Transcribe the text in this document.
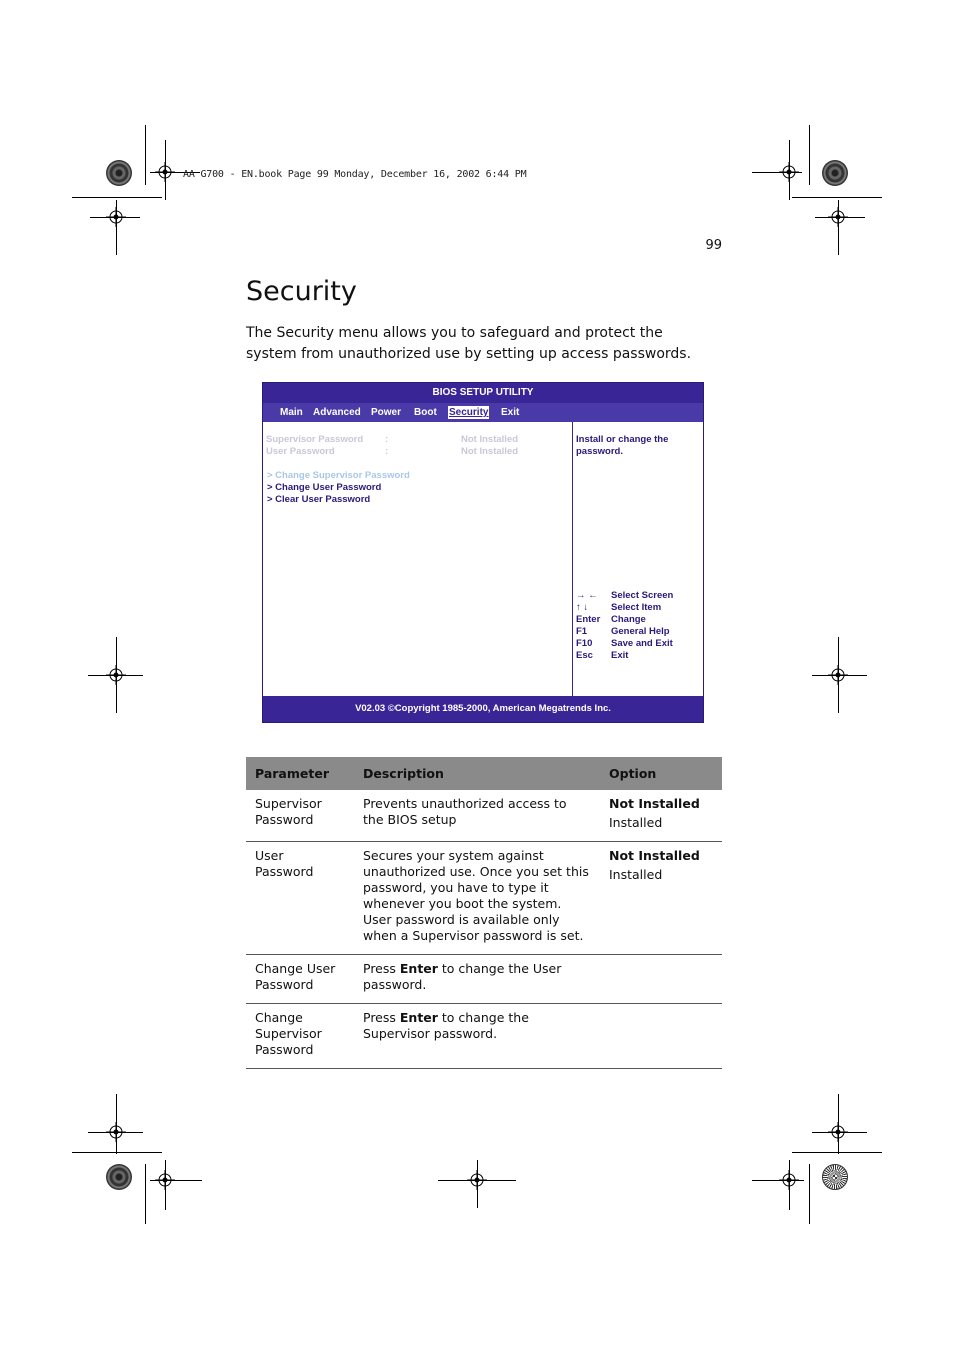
AA G700 - EN.book Page 99 Monday, December 16, 2002 6:44 PM
99
Security
The Security menu allows you to safeguard and protect the system from unauthorized use by setting up access passwords.
BIOS SETUP UTILITY
Main Advanced Power Boot Security Exit
Supervisor Password :	Not Installed
User Password	:	Not Installed
> Change Supervisor Password
> Change User Password
> Clear User Password
Install or change the password.
→ ← Select Screen
↑ ↓ Select Item
Enter Change
F1	General Help
F10 Save and Exit
Esc Exit
V02.03 ©Copyright 1985-2000, American Megatrends Inc.
Parameter	Description	Option
Supervisor Password	Prevents unauthorized access to the BIOS setup	Not Installed
Installed

User Password	Secures your system against unauthorized use. Once you set this password, you have to type it whenever you boot the system. User password is available only when a Supervisor password is set.	Not Installed
Installed

Change User Password	Press Enter to change the User password.	

Change Supervisor Password	Press Enter to change the Supervisor password.	
